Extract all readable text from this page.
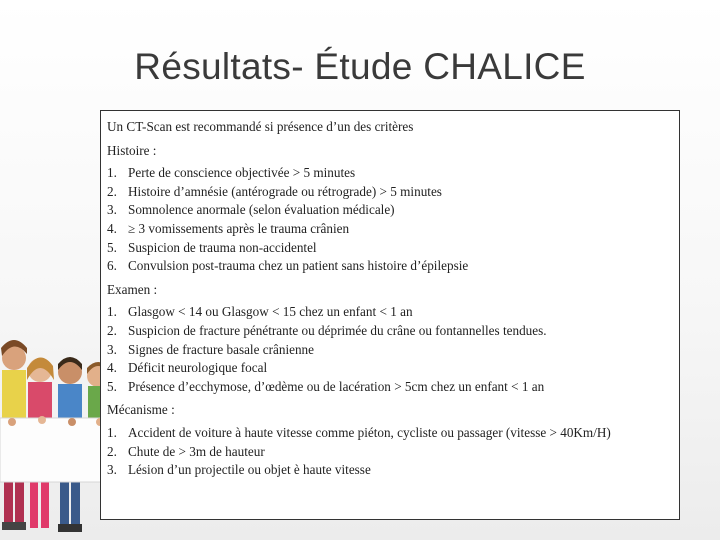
Résultats- Étude CHALICE
Un CT-Scan est recommandé si présence d’un des critères
Histoire :
1. Perte de conscience objectivée > 5 minutes
2. Histoire d’amnésie (antérograde ou rétrograde) > 5 minutes
3. Somnolence anormale (selon évaluation médicale)
4. ≥ 3 vomissements après le trauma crânien
5. Suspicion de trauma non-accidentel
6. Convulsion post-trauma chez un patient sans histoire d’épilepsie
Examen :
1. Glasgow < 14 ou Glasgow < 15 chez un enfant < 1 an
2. Suspicion de fracture pénétrante ou déprimée du crâne ou fontannelles tendues.
3. Signes de fracture basale crânienne
4. Déficit neurologique focal
5. Présence d’ecchymose, d’œdème ou de lacération > 5cm chez un enfant < 1 an
Mécanisme :
1. Accident de voiture à haute vitesse comme piéton, cycliste ou passager (vitesse > 40Km/H)
2. Chute de > 3m de hauteur
3. Lésion d’un projectile ou objet è haute vitesse
